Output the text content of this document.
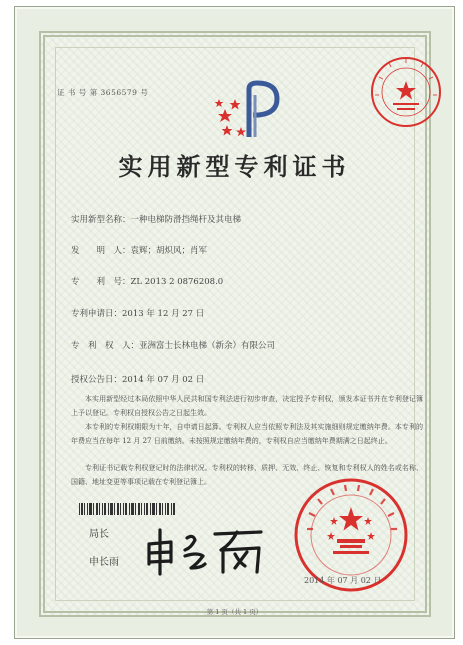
证 书 号 第 3656579 号
实用新型专利证书
实用新型名称：一种电梯防滑挡绳杆及其电梯
发　　明　人：袁辉；胡炽风；肖军
专　　利　号：ZL 2013 2 0876208.0
专利申请日：2013 年 12 月 27 日
专　利　权　人：亚洲富士长林电梯（新余）有限公司
授权公告日：2014 年 07 月 02 日

本实用新型经过本局依照中华人民共和国专利法进行初步审查，决定授予专利权，颁发本证书并在专利登记簿上予以登记。专利权自授权公告之日起生效。

本专利的专利权期限为十年，自申请日起算。专利权人应当依照专利法及其实施细则规定缴纳年费。本专利的年费应当在每年 12 月 27 日前缴纳。未按照规定缴纳年费的，专利权自应当缴纳年费期满之日起终止。

专利证书记载专利权登记时的法律状况。专利权的转移、质押、无效、终止、恢复和专利权人的姓名或名称、国籍、地址变更等事项记载在专利登记簿上。

局长
申长雨
2014 年 07 月 02 日
第 1 页（共 1 页）
